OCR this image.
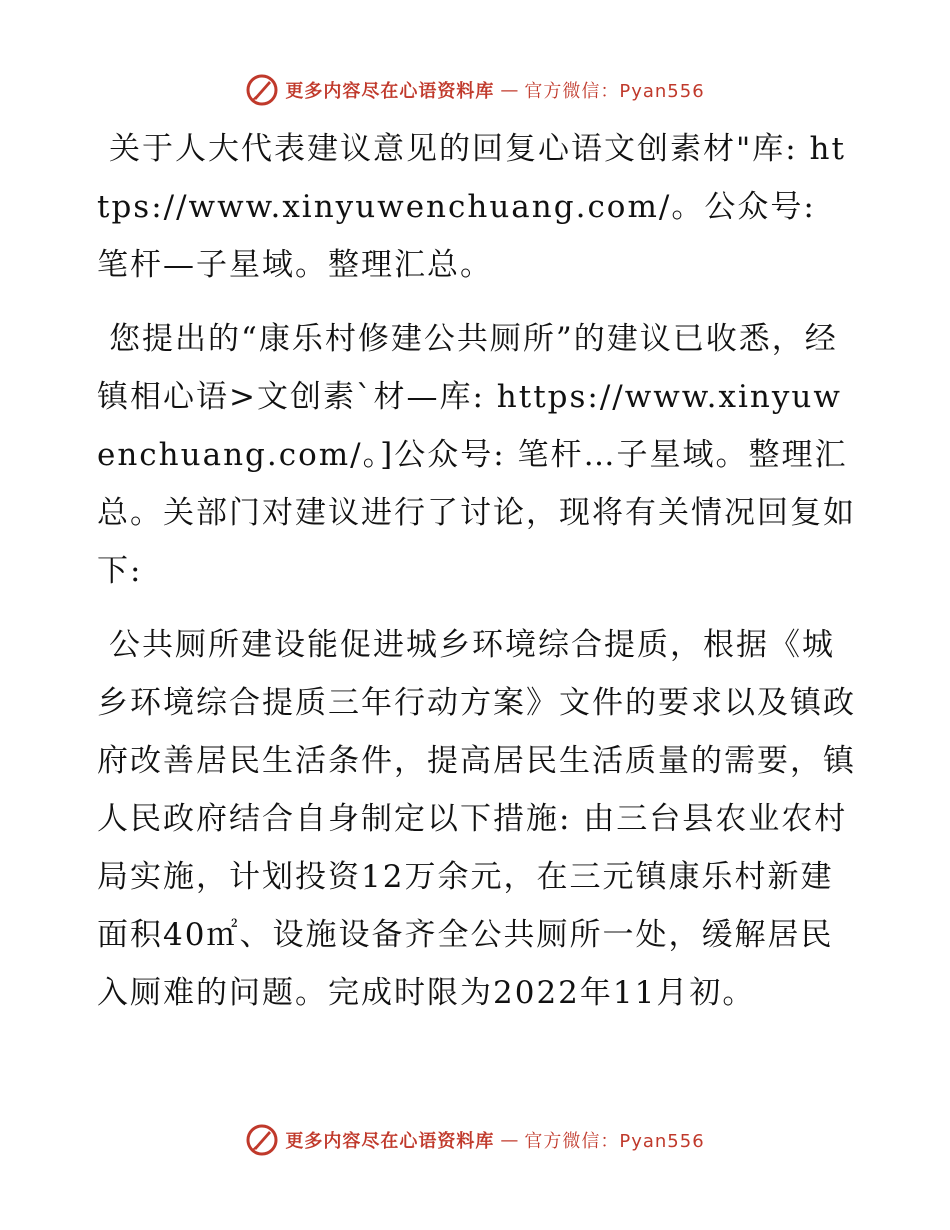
更多内容尽在心语资料库 — 官方微信：Pyan556

关于人大代表建议意见的回复心语文创素材"库: https://www.xinyuwenchuang.com/。公众号: 笔杆—子星域。整理汇总。

您提出的“康乐村修建公共厕所”的建议已收悉，经镇相心语>文创素`材—库: https://www.xinyuwenchuang.com/。]公众号: 笔杆…子星域。整理汇总。关部门对建议进行了讨论，现将有关情况回复如下:

公共厕所建设能促进城乡环境综合提质，根据《城乡环境综合提质三年行动方案》文件的要求以及镇政府改善居民生活条件，提高居民生活质量的需要，镇人民政府结合自身制定以下措施: 由三台县农业农村局实施，计划投资12万余元，在三元镇康乐村新建面积40㎡、设施设备齐全公共厕所一处，缓解居民入厕难的问题。完成时限为2022年11月初。

更多内容尽在心语资料库 — 官方微信：Pyan556
